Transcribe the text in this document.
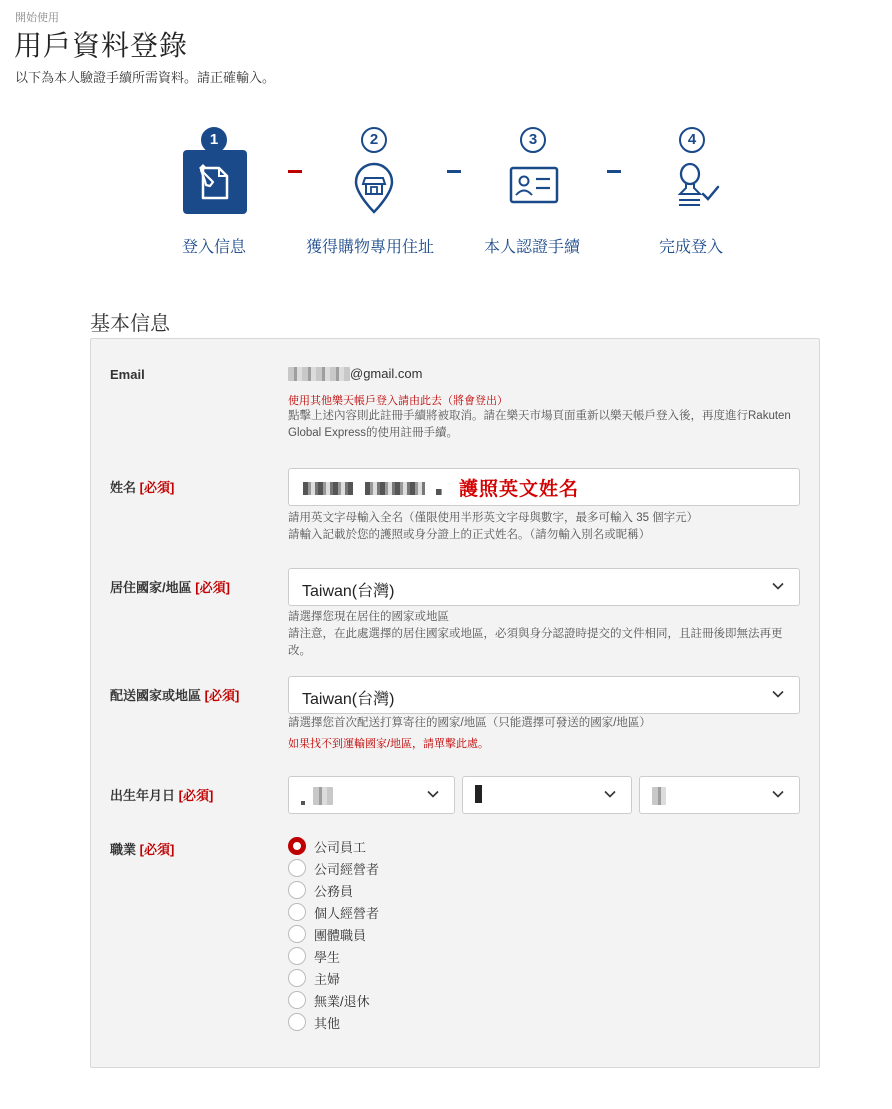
開始使用
用戶資料登錄
以下為本人驗證手續所需資料。請正確輸入。
1
登入信息
2
獲得購物專用住址
3
本人認證手續
4
完成登入
基本信息
Email	@gmail.com
使用其他樂天帳戶登入請由此去（將會登出）
點擊上述內容則此註冊手續將被取消。請在樂天市場頁面重新以樂天帳戶登入後，再度進行Rakuten Global Express的使用註冊手續。
姓名 [必須]
	護照英文姓名
請用英文字母輸入全名（僅限使用半形英文字母與數字，最多可輸入 35 個字元）
請輸入記載於您的護照或身分證上的正式姓名。（請勿輸入別名或昵稱）
居住國家/地區 [必須]	Taiwan(台灣)
請選擇您現在居住的國家或地區
請注意，在此處選擇的居住國家或地區，必須與身分認證時提交的文件相同，且註冊後即無法再更改。
配送國家或地區 [必須]	Taiwan(台灣)
請選擇您首次配送打算寄往的國家/地區（只能選擇可發送的國家/地區）
如果找不到運輸國家/地區，請單擊此處。
出生年月日 [必須]
職業 [必須]	公司員工
公司經營者
公務員
個人經營者
團體職員
學生
主婦
無業/退休
其他
